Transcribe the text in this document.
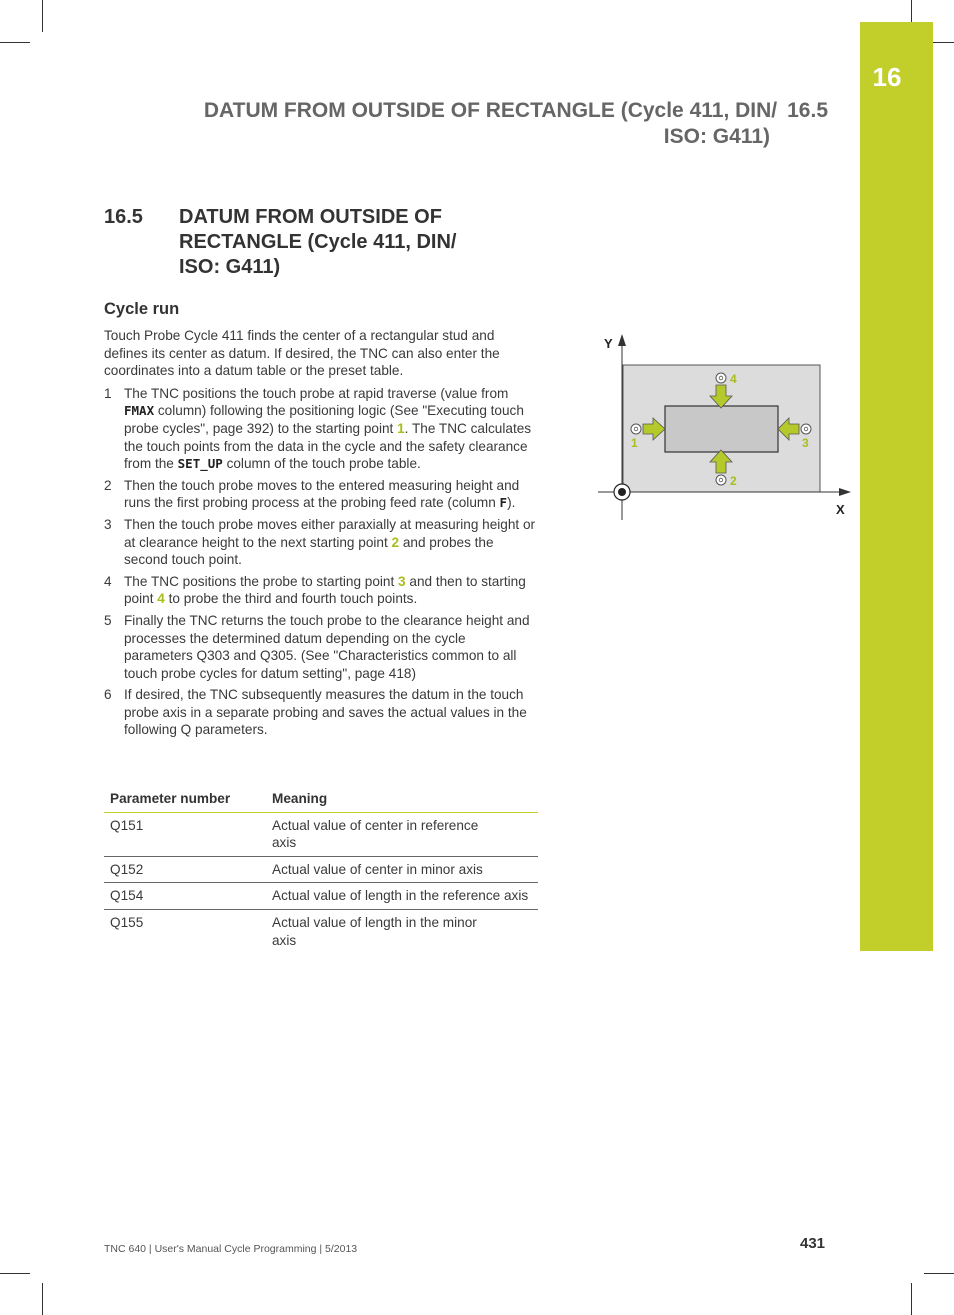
16
DATUM FROM OUTSIDE OF RECTANGLE (Cycle 411, DIN/ 16.5
ISO: G411)
16.5 DATUM FROM OUTSIDE OF
RECTANGLE (Cycle 411, DIN/
ISO: G411)
Cycle run

Touch Probe Cycle 411 finds the center of a rectangular stud and defines its center as datum. If desired, the TNC can also enter the coordinates into a datum table or the preset table.

1 The TNC positions the touch probe at rapid traverse (value from FMAX column) following the positioning logic (See "Executing touch probe cycles", page 392) to the starting point 1. The TNC calculates the touch points from the data in the cycle and the safety clearance from the SET_UP column of the touch probe table.
2 Then the touch probe moves to the entered measuring height and runs the first probing process at the probing feed rate (column F).
3 Then the touch probe moves either paraxially at measuring height or at clearance height to the next starting point 2 and probes the second touch point.
4 The TNC positions the probe to starting point 3 and then to starting point 4 to probe the third and fourth touch points.
5 Finally the TNC returns the touch probe to the clearance height and processes the determined datum depending on the cycle parameters Q303 and Q305. (See "Characteristics common to all touch probe cycles for datum setting", page 418)
6 If desired, the TNC subsequently measures the datum in the touch probe axis in a separate probing and saves the actual values in the following Q parameters.
Parameter number	Meaning
Q151	Actual value of center in reference axis
Q152	Actual value of center in minor axis
Q154	Actual value of length in the reference axis
Q155	Actual value of length in the minor axis
Y
X
4
2
1	3
TNC 640 | User's Manual Cycle Programming | 5/2013	431
